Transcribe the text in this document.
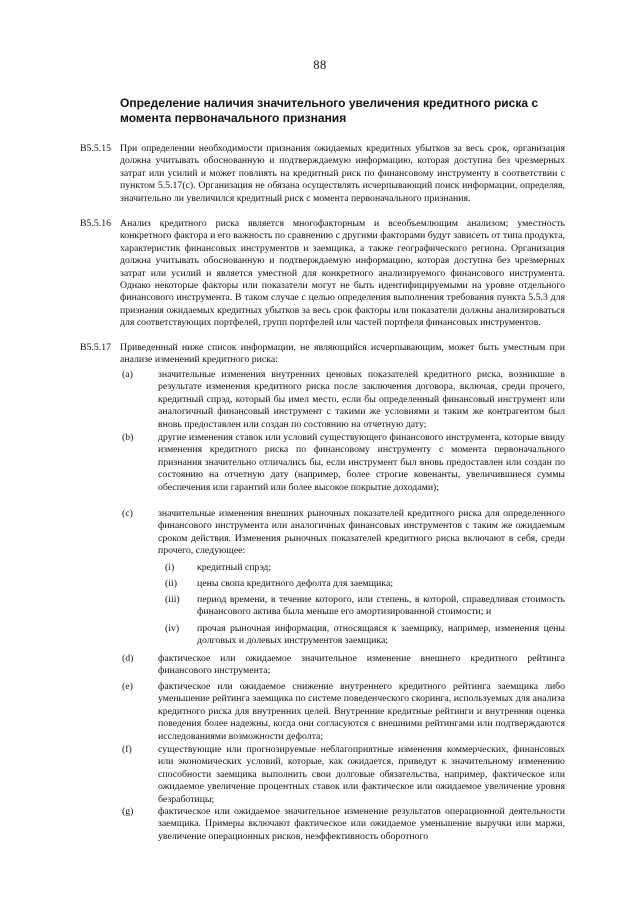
88
Определение наличия значительного увеличения кредитного риска с момента первоначального признания
B5.5.15 При определении необходимости признания ожидаемых кредитных убытков за весь срок, организация должна учитывать обоснованную и подтверждаемую информацию, которая доступна без чрезмерных затрат или усилий и может повлиять на кредитный риск по финансовому инструменту в соответствии с пунктом 5.5.17(c). Организация не обязана осуществлять исчерпывающий поиск информации, определяя, значительно ли увеличился кредитный риск с момента первоначального признания.
B5.5.16 Анализ кредитного риска является многофакторным и всеобъемлющим анализом; уместность конкретного фактора и его важность по сравнению с другими факторами будут зависеть от типа продукта, характеристик финансовых инструментов и заемщика, а также географического региона. Организация должна учитывать обоснованную и подтверждаемую информацию, которая доступна без чрезмерных затрат или усилий и является уместной для конкретного анализируемого финансового инструмента. Однако некоторые факторы или показатели могут не быть идентифицируемыми на уровне отдельного финансового инструмента. В таком случае с целью определения выполнения требования пункта 5.5.3 для признания ожидаемых кредитных убытков за весь срок факторы или показатели должны анализироваться для соответствующих портфелей, групп портфелей или частей портфеля финансовых инструментов.
B5.5.17 Приведенный ниже список информации, не являющийся исчерпывающим, может быть уместным при анализе изменений кредитного риска:
(a)	значительные изменения внутренних ценовых показателей кредитного риска, возникшие в результате изменения кредитного риска после заключения договора, включая, среди прочего, кредитный спрэд, который бы имел место, если бы определенный финансовый инструмент или аналогичный финансовый инструмент с такими же условиями и таким же контрагентом был вновь предоставлен или создан по состоянию на отчетную дату;
(b)	другие изменения ставок или условий существующего финансового инструмента, которые ввиду изменения кредитного риска по финансовому инструменту с момента первоначального признания значительно отличались бы, если инструмент был вновь предоставлен или создан по состоянию на отчетную дату (например, более строгие ковенанты, увеличившиеся суммы обеспечения или гарантий или более высокое покрытие доходами);
(c)	значительные изменения внешних рыночных показателей кредитного риска для определенного финансового инструмента или аналогичных финансовых инструментов с таким же ожидаемым сроком действия. Изменения рыночных показателей кредитного риска включают в себя, среди прочего, следующее:
(i) кредитный спрэд;
(ii) цены свопа кредитного дефолта для заемщика;
(iii) период времени, в течение которого, или степень, в которой, справедливая стоимость финансового актива была меньше его амортизированной стоимости; и
(iv) прочая рыночная информация, относящаяся к заемщику, например, изменения цены долговых и долевых инструментов заемщика;
(d)	фактическое или ожидаемое значительное изменение внешнего кредитного рейтинга финансового инструмента;
(e)	фактическое или ожидаемое снижение внутреннего кредитного рейтинга заемщика либо уменьшение рейтинга заемщика по системе поведенческого скоринга, используемых для анализа кредитного риска для внутренних целей. Внутренние кредитные рейтинги и внутренняя оценка поведения более надежны, когда они согласуются с внешними рейтингами или подтверждаются исследованиями возможности дефолта;
(f)	существующие или прогнозируемые неблагоприятные изменения коммерческих, финансовых или экономических условий, которые, как ожидается, приведут к значительному изменению способности заемщика выполнить свои долговые обязательства, например, фактическое или ожидаемое увеличение процентных ставок или фактическое или ожидаемое увеличение уровня безработицы;
(g)	фактическое или ожидаемое значительное изменение результатов операционной деятельности заемщика. Примеры включают фактическое или ожидаемое уменьшение выручки или маржи, увеличение операционных рисков, неэффективность оборотного
